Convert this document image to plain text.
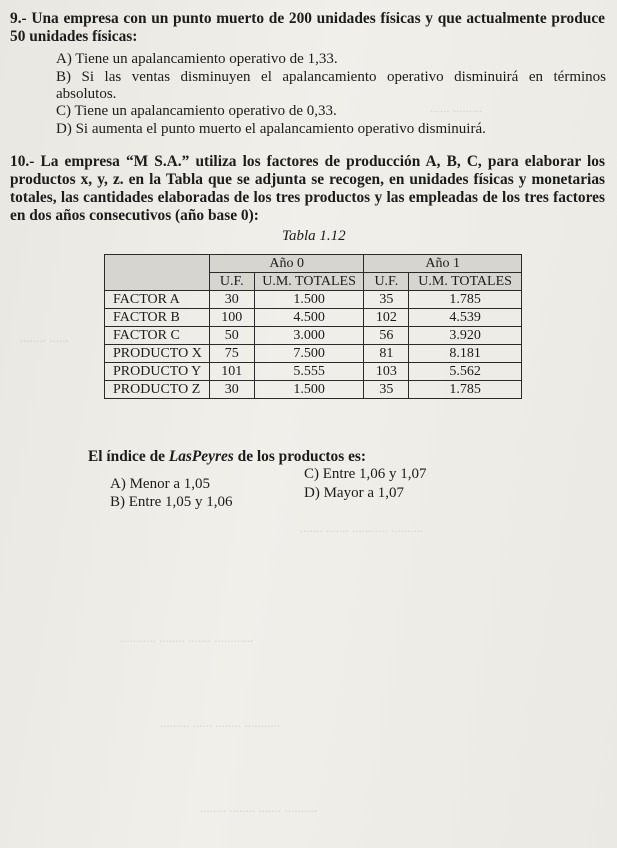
......... ......
...... ........
.......... ........... ....... .......
............ ....... ........ ...........
........... ........ ...... .........
.......... ....... ........ ........
9.- Una empresa con un punto muerto de 200 unidades físicas y que actualmente produce 50 unidades físicas:
A) Tiene un apalancamiento operativo de 1,33.
B) Si las ventas disminuyen el apalancamiento operativo disminuirá en términos
absolutos.
C) Tiene un apalancamiento operativo de 0,33.
D) Si aumenta el punto muerto el apalancamiento operativo disminuirá.
10.- La empresa “M S.A.” utiliza los factores de producción A, B, C, para elaborar los productos x, y, z. en la Tabla que se adjunta se recogen, en unidades físicas y monetarias totales, las cantidades elaboradas de los tres productos y las empleadas de los tres factores en dos años consecutivos (año base 0):
Tabla 1.12
	Año 0		Año 1	
	U.F.	U.M. TOTALES	U.F.	U.M. TOTALES
FACTOR A	30	1.500	35	1.785
FACTOR B	100	4.500	102	4.539
FACTOR C	50	3.000	56	3.920
PRODUCTO X	75	7.500	81	8.181
PRODUCTO Y	101	5.555	103	5.562
PRODUCTO Z	30	1.500	35	1.785
El índice de LasPeyres de los productos es:
A) Menor a 1,05
B) Entre 1,05 y 1,06
C) Entre 1,06 y 1,07
D) Mayor a 1,07
